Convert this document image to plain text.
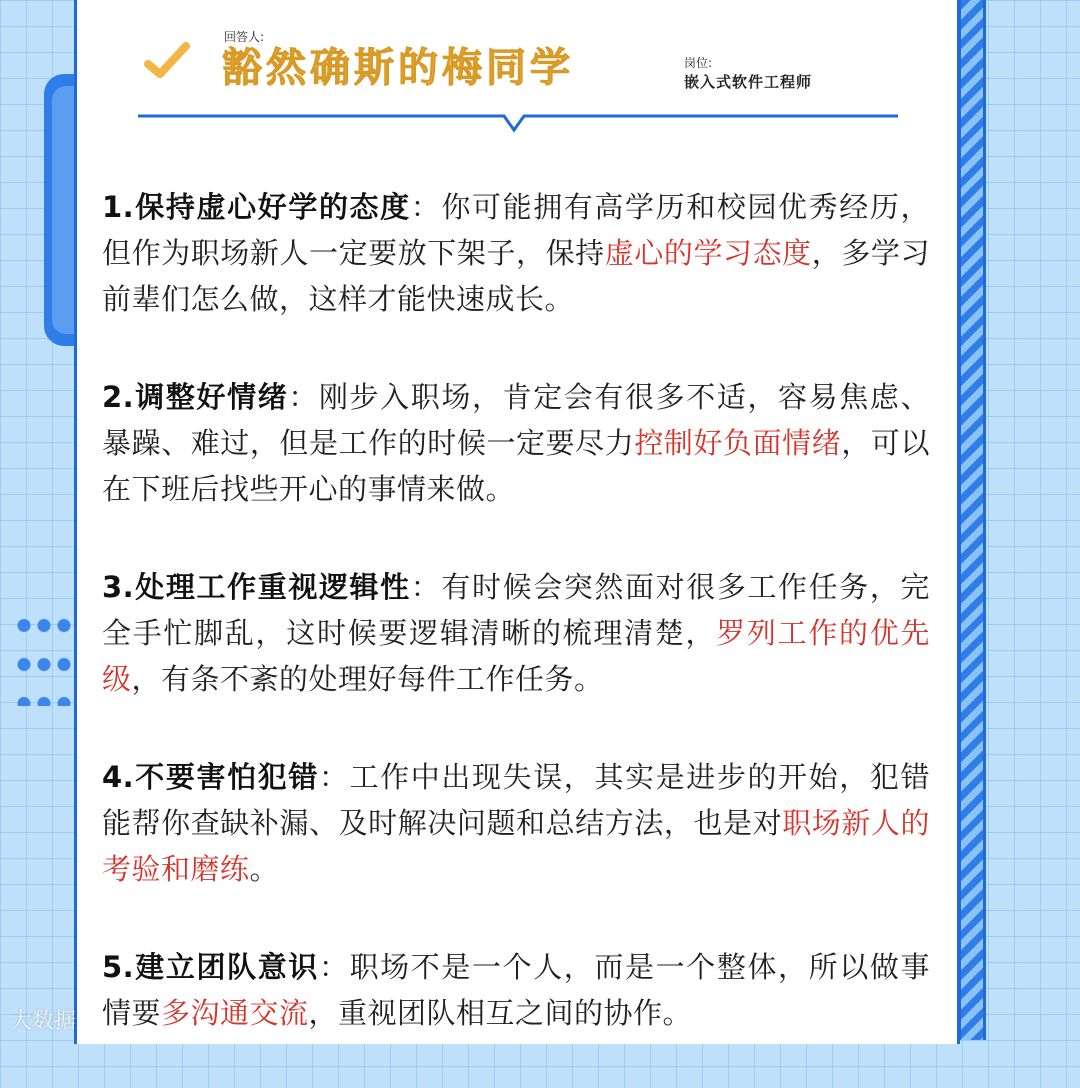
回答人:
豁然确斯的梅同学	岗位:
嵌入式软件工程师

1.保持虚心好学的态度：你可能拥有高学历和校园优秀经历，但作为职场新人一定要放下架子，保持虚心的学习态度，多学习前辈们怎么做，这样才能快速成长。

2.调整好情绪：刚步入职场，肯定会有很多不适，容易焦虑、暴躁、难过，但是工作的时候一定要尽力控制好负面情绪，可以在下班后找些开心的事情来做。

3.处理工作重视逻辑性：有时候会突然面对很多工作任务，完全手忙脚乱，这时候要逻辑清晰的梳理清楚，罗列工作的优先级，有条不紊的处理好每件工作任务。

4.不要害怕犯错：工作中出现失误，其实是进步的开始，犯错能帮你查缺补漏、及时解决问题和总结方法，也是对职场新人的考验和磨练。

5.建立团队意识：职场不是一个人，而是一个整体，所以做事情要多沟通交流，重视团队相互之间的协作。

大数据
